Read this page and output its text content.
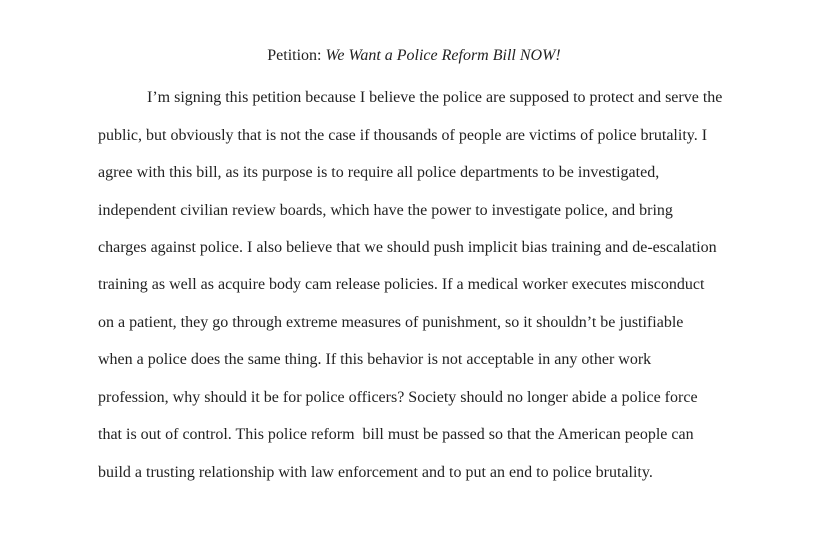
Petition: We Want a Police Reform Bill NOW!
I’m signing this petition because I believe the police are supposed to protect and serve the
public, but obviously that is not the case if thousands of people are victims of police brutality. I
agree with this bill, as its purpose is to require all police departments to be investigated,
independent civilian review boards, which have the power to investigate police, and bring
charges against police. I also believe that we should push implicit bias training and de-escalation
training as well as acquire body cam release policies. If a medical worker executes misconduct
on a patient, they go through extreme measures of punishment, so it shouldn’t be justifiable
when a police does the same thing. If this behavior is not acceptable in any other work
profession, why should it be for police officers? Society should no longer abide a police force
that is out of control. This police reform  bill must be passed so that the American people can
build a trusting relationship with law enforcement and to put an end to police brutality.
